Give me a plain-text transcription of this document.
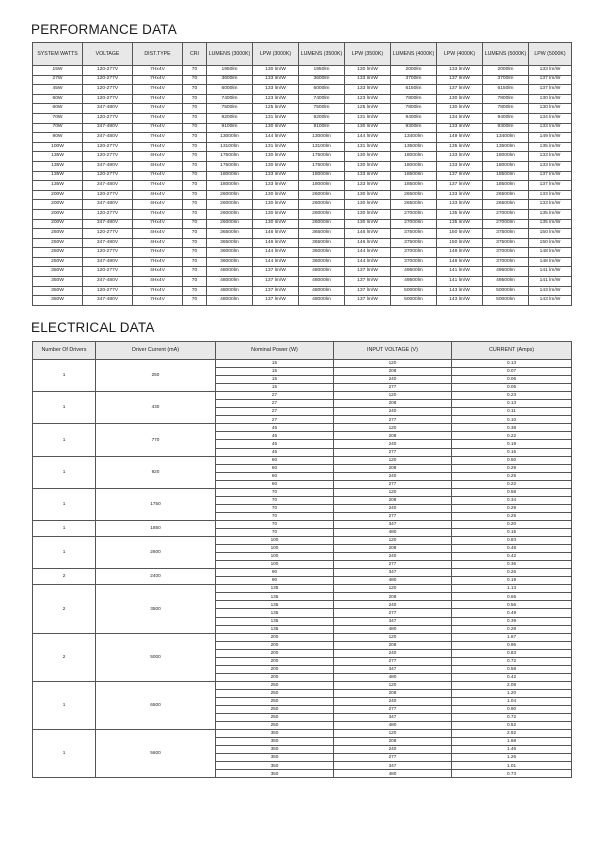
PERFORMANCE DATA
SYSTEM WATTS	VOLTAGE	DIST.TYPE	CRI	LUMENS (3000K)	LPW (3000K)	LUMENS (3500K)	LPW (3500K)	LUMENS (4000K)	LPW (4000K)	LUMENS (5000K)	LPW (5000K)
15W	120-277V	7Hx4V	70	1950lm	130 lm/W	1950lm	130 lm/W	2000lm	133 lm/W	2000lm	133 lm/W
27W	120-277V	7Hx4V	70	3600lm	133 lm/W	3600lm	133 lm/W	3700lm	137 lm/W	3700lm	137 lm/W
45W	120-277V	7Hx4V	70	6000lm	133 lm/W	6000lm	133 lm/W	6150lm	137 lm/W	6150lm	137 lm/W
60W	120-277V	7Hx4V	70	7400lm	123 lm/W	7400lm	123 lm/W	7800lm	130 lm/W	7800lm	130 lm/W
60W	347-480V	7Hx4V	70	7500lm	125 lm/W	7500lm	125 lm/W	7800lm	130 lm/W	7800lm	130 lm/W
70W	120-277V	7Hx4V	70	9200lm	131 lm/W	9200lm	131 lm/W	9400lm	134 lm/W	9400lm	134 lm/W
70W	347-480V	7Hx4V	70	9100lm	130 lm/W	9100lm	130 lm/W	9300lm	133 lm/W	9300lm	133 lm/W
90W	347-480V	7Hx4V	70	13000lm	144 lm/W	13000lm	144 lm/W	13400lm	149 lm/W	13400lm	149 lm/W
100W	120-277V	7Hx4V	70	13100lm	131 lm/W	13100lm	131 lm/W	13500lm	135 lm/W	13500lm	135 lm/W
135W	120-277V	4Hx4V	70	17500lm	130 lm/W	17500lm	130 lm/W	18000lm	133 lm/W	18000lm	133 lm/W
135W	347-480V	4Hx4V	70	17500lm	130 lm/W	17500lm	130 lm/W	18000lm	133 lm/W	18000lm	133 lm/W
135W	120-277V	7Hx4V	70	18000lm	133 lm/W	18000lm	133 lm/W	18500lm	137 lm/W	18500lm	137 lm/W
135W	347-480V	7Hx4V	70	18000lm	133 lm/W	18000lm	133 lm/W	18500lm	137 lm/W	18500lm	137 lm/W
200W	120-277V	4Hx4V	70	26000lm	130 lm/W	26000lm	130 lm/W	26500lm	133 lm/W	26500lm	133 lm/W
200W	347-480V	4Hx4V	70	26000lm	130 lm/W	26000lm	130 lm/W	26500lm	133 lm/W	26500lm	133 lm/W
200W	120-277V	7Hx4V	70	26000lm	130 lm/W	26000lm	130 lm/W	27000lm	135 lm/W	27000lm	135 lm/W
200W	347-480V	7Hx4V	70	26000lm	130 lm/W	26000lm	130 lm/W	27000lm	135 lm/W	27000lm	135 lm/W
250W	120-277V	4Hx4V	70	36500lm	146 lm/W	36500lm	146 lm/W	37500lm	150 lm/W	37500lm	150 lm/W
250W	347-480V	4Hx4V	70	36500lm	146 lm/W	36500lm	146 lm/W	37500lm	150 lm/W	37500lm	150 lm/W
250W	120-277V	7Hx4V	70	36000lm	144 lm/W	36000lm	144 lm/W	37000lm	148 lm/W	37000lm	148 lm/W
250W	347-480V	7Hx4V	70	36000lm	144 lm/W	36000lm	144 lm/W	37000lm	148 lm/W	37000lm	148 lm/W
350W	120-277V	4Hx4V	70	48000lm	137 lm/W	48000lm	137 lm/W	49500lm	141 lm/W	49500lm	141 lm/W
350W	347-480V	4Hx4V	70	48000lm	137 lm/W	48000lm	137 lm/W	49500lm	141 lm/W	49500lm	141 lm/W
350W	120-277V	7Hx4V	70	48000lm	137 lm/W	48000lm	137 lm/W	50000lm	143 lm/W	50000lm	143 lm/W
350W	347-480V	7Hx4V	70	48000lm	137 lm/W	48000lm	137 lm/W	50000lm	143 lm/W	50000lm	143 lm/W
ELECTRICAL DATA
Number Of Drivers	Driver Current (mA)	Nominal Power (W)	INPUT VOLTAGE (V)	CURRENT (Amps)
1	250	15	120	0.13
		15	208	0.07
		15	240	0.06
		15	277	0.05
1	430	27	120	0.23
		27	208	0.13
		27	240	0.11
		27	277	0.10
1	770	45	120	0.38
		45	208	0.22
		45	240	0.19
		45	277	0.16
1	920	60	120	0.50
		60	208	0.29
		60	240	0.25
		60	277	0.22
1	1750	70	120	0.58
		70	208	0.34
		70	240	0.29
		70	277	0.25
1	1850	70	347	0.20
		70	480	0.15
1	2600	100	120	0.83
		100	208	0.48
		100	240	0.42
		100	277	0.36
2	2400	90	347	0.26
		90	480	0.19
2	3500	135	120	1.13
		135	208	0.65
		135	240	0.56
		135	277	0.49
		135	347	0.39
		135	480	0.28
2	5000	200	120	1.67
		200	208	0.96
		200	240	0.83
		200	277	0.72
		200	347	0.58
		200	480	0.42
1	6500	250	120	2.08
		250	208	1.20
		250	240	1.04
		250	277	0.90
		250	347	0.72
		250	480	0.52
1	5600	350	120	2.92
		350	208	1.68
		350	240	1.46
		350	277	1.26
		350	347	1.01
		350	480	0.73
